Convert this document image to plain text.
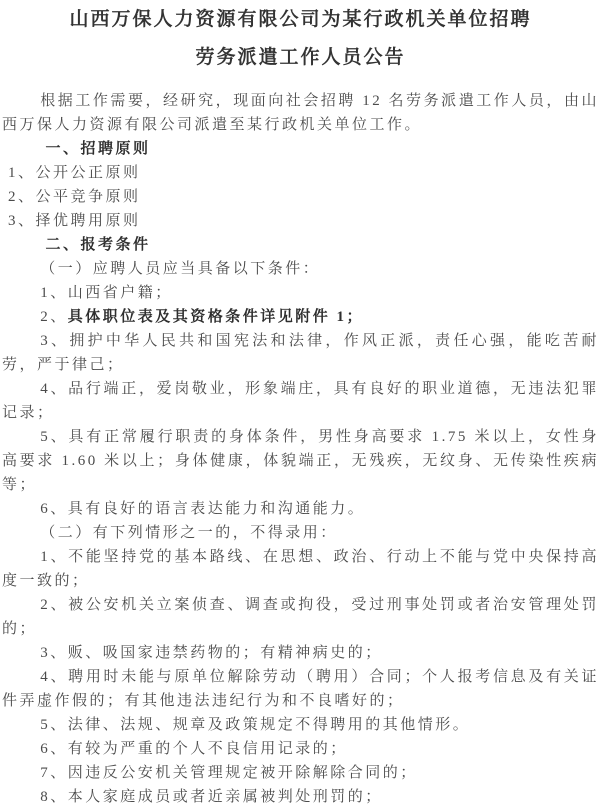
山西万保人力资源有限公司为某行政机关单位招聘

劳务派遣工作人员公告

根据工作需要，经研究，现面向社会招聘 12 名劳务派遣工作人员，由山西万保人力资源有限公司派遣至某行政机关单位工作。

一、招聘原则

1、公开公正原则

2、公平竞争原则

3、择优聘用原则

二、报考条件

（一）应聘人员应当具备以下条件：

1、山西省户籍；

2、具体职位表及其资格条件详见附件 1；

3、拥护中华人民共和国宪法和法律，作风正派，责任心强，能吃苦耐劳，严于律己；

4、品行端正，爱岗敬业，形象端庄，具有良好的职业道德，无违法犯罪记录；

5、具有正常履行职责的身体条件，男性身高要求 1.75 米以上，女性身高要求 1.60 米以上；身体健康，体貌端正，无残疾，无纹身、无传染性疾病等；

6、具有良好的语言表达能力和沟通能力。

（二）有下列情形之一的，不得录用：

1、不能坚持党的基本路线、在思想、政治、行动上不能与党中央保持高度一致的；

2、被公安机关立案侦查、调查或拘役，受过刑事处罚或者治安管理处罚的；

3、贩、吸国家违禁药物的；有精神病史的；

4、聘用时未能与原单位解除劳动（聘用）合同；个人报考信息及有关证件弄虚作假的；有其他违法违纪行为和不良嗜好的；

5、法律、法规、规章及政策规定不得聘用的其他情形。

6、有较为严重的个人不良信用记录的；

7、因违反公安机关管理规定被开除解除合同的；

8、本人家庭成员或者近亲属被判处刑罚的；
